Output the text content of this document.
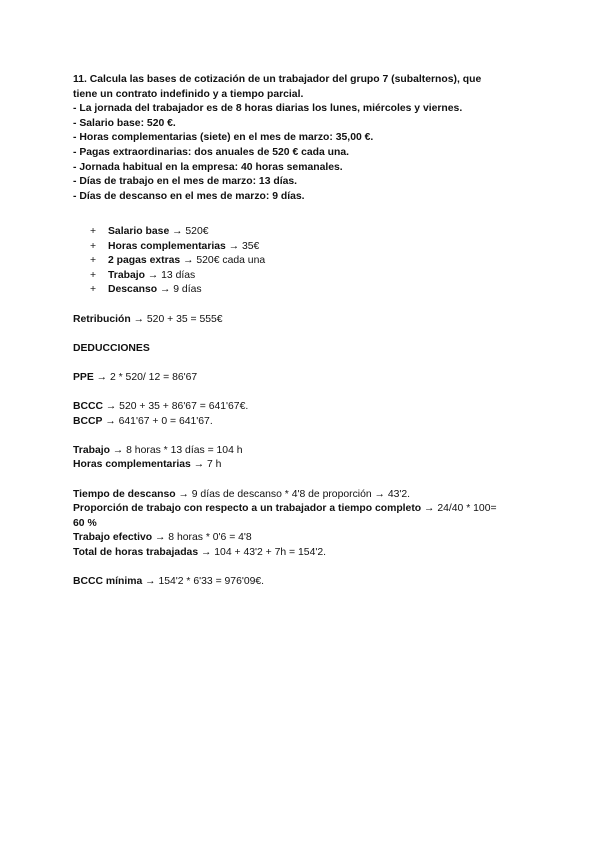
11. Calcula las bases de cotización de un trabajador del grupo 7 (subalternos), que

tiene un contrato indefinido y a tiempo parcial.

- La jornada del trabajador es de 8 horas diarias los lunes, miércoles y viernes.

- Salario base: 520 €.

- Horas complementarias (siete) en el mes de marzo: 35,00 €.

- Pagas extraordinarias: dos anuales de 520 € cada una.

- Jornada habitual en la empresa: 40 horas semanales.

- Días de trabajo en el mes de marzo: 13 días.

- Días de descanso en el mes de marzo: 9 días.

+ Salario base → 520€
+ Horas complementarias → 35€
+ 2 pagas extras → 520€ cada una
+ Trabajo → 13 días
+ Descanso → 9 días

Retribución → 520 + 35 = 555€

DEDUCCIONES

PPE → 2 * 520/ 12 = 86'67

BCCC → 520 + 35 + 86'67 = 641'67€.

BCCP → 641'67 + 0 = 641'67.

Trabajo → 8 horas * 13 días = 104 h

Horas complementarias → 7 h

Tiempo de descanso → 9 días de descanso * 4'8 de proporción → 43'2.

Proporción de trabajo con respecto a un trabajador a tiempo completo → 24/40 * 100=

60 %

Trabajo efectivo → 8 horas * 0'6 = 4'8

Total de horas trabajadas → 104 + 43'2 + 7h = 154'2.

BCCC mínima → 154'2 * 6'33 = 976'09€.
